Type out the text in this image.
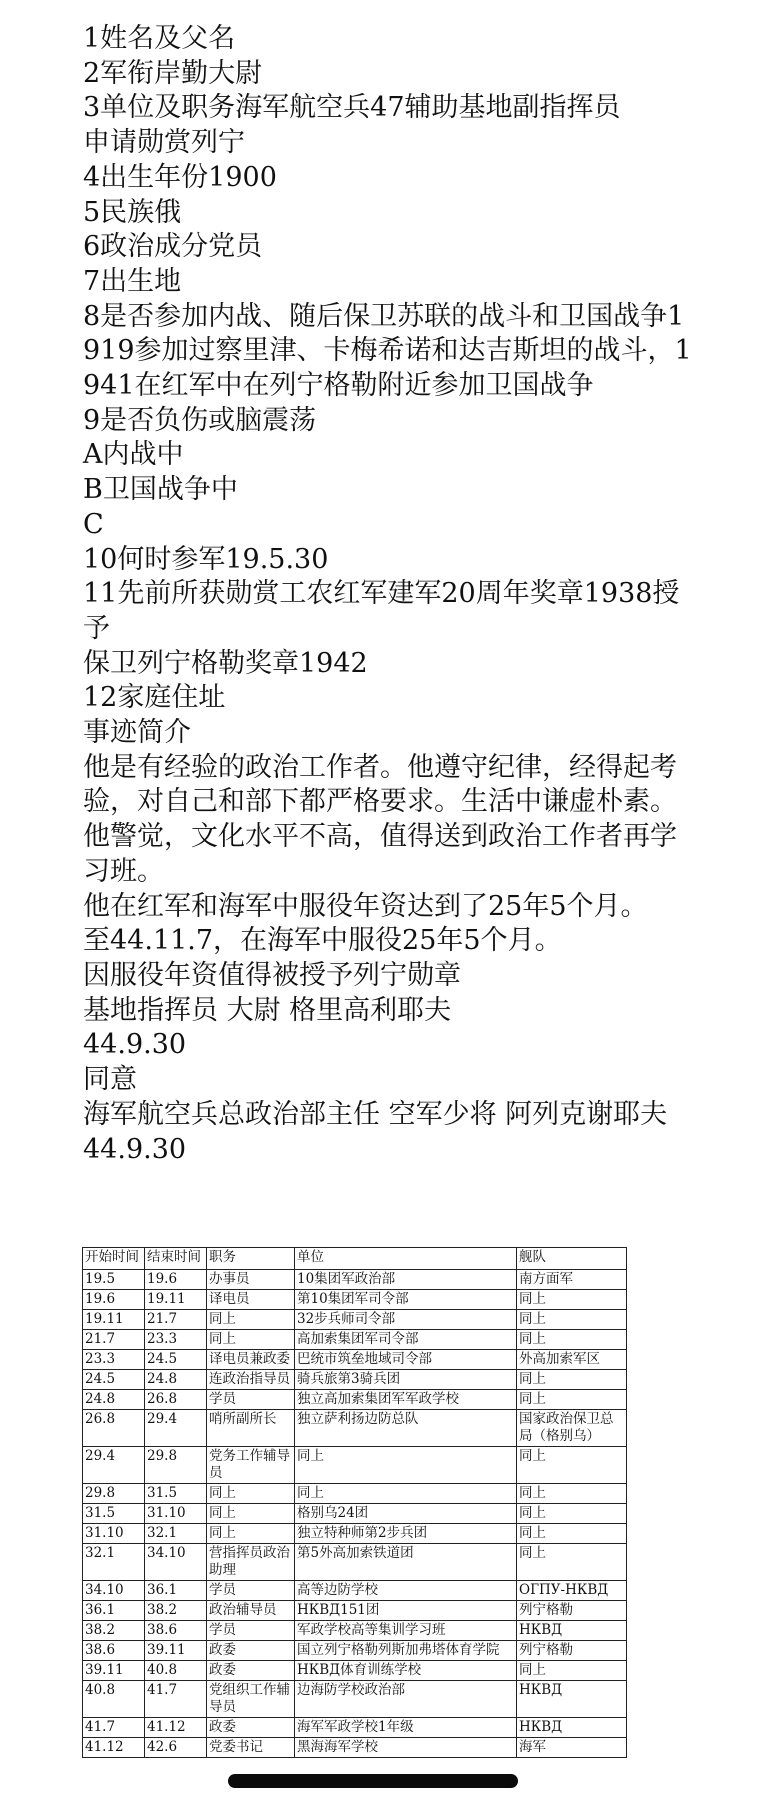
1姓名及父名

2军衔岸勤大尉

3单位及职务海军航空兵47辅助基地副指挥员

申请勋赏列宁

4出生年份1900

5民族俄

6政治成分党员

7出生地

8是否参加内战、随后保卫苏联的战斗和卫国战争1919参加过察里津、卡梅希诺和达吉斯坦的战斗，1941在红军中在列宁格勒附近参加卫国战争

9是否负伤或脑震荡

A内战中

B卫国战争中

C

10何时参军19.5.30

11先前所获勋赏工农红军建军20周年奖章1938授予

保卫列宁格勒奖章1942

12家庭住址

事迹简介

他是有经验的政治工作者。他遵守纪律，经得起考验，对自己和部下都严格要求。生活中谦虚朴素。他警觉，文化水平不高，值得送到政治工作者再学习班。

他在红军和海军中服役年资达到了25年5个月。

至44.11.7，在海军中服役25年5个月。

因服役年资值得被授予列宁勋章

基地指挥员 大尉 格里高利耶夫

44.9.30

同意

海军航空兵总政治部主任 空军少将 阿列克谢耶夫

44.9.30

开始时间	结束时间	职务	单位	舰队
19.5	19.6	办事员	10集团军政治部	南方面军
19.6	19.11	译电员	第10集团军司令部	同上
19.11	21.7	同上	32步兵师司令部	同上
21.7	23.3	同上	高加索集团军司令部	同上
23.3	24.5	译电员兼政委	巴统市筑垒地域司令部	外高加索军区
24.5	24.8	连政治指导员	骑兵旅第3骑兵团	同上
24.8	26.8	学员	独立高加索集团军军政学校	同上
26.8	29.4	哨所副所长	独立萨利扬边防总队	国家政治保卫总局（格别乌）
29.4	29.8	党务工作辅导员	同上	同上
29.8	31.5	同上	同上	同上
31.5	31.10	同上	格别乌24团	同上
31.10	32.1	同上	独立特种师第2步兵团	同上
32.1	34.10	营指挥员政治助理	第5外高加索铁道团	同上
34.10	36.1	学员	高等边防学校	ОГПУ-НКВД
36.1	38.2	政治辅导员	НКВД151团	列宁格勒
38.2	38.6	学员	军政学校高等集训学习班	НКВД
38.6	39.11	政委	国立列宁格勒列斯加弗塔体育学院	列宁格勒
39.11	40.8	政委	НКВД体育训练学校	同上
40.8	41.7	党组织工作辅导员	边海防学校政治部	НКВД
41.7	41.12	政委	海军军政学校1年级	НКВД
41.12	42.6	党委书记	黑海海军学校	海军
